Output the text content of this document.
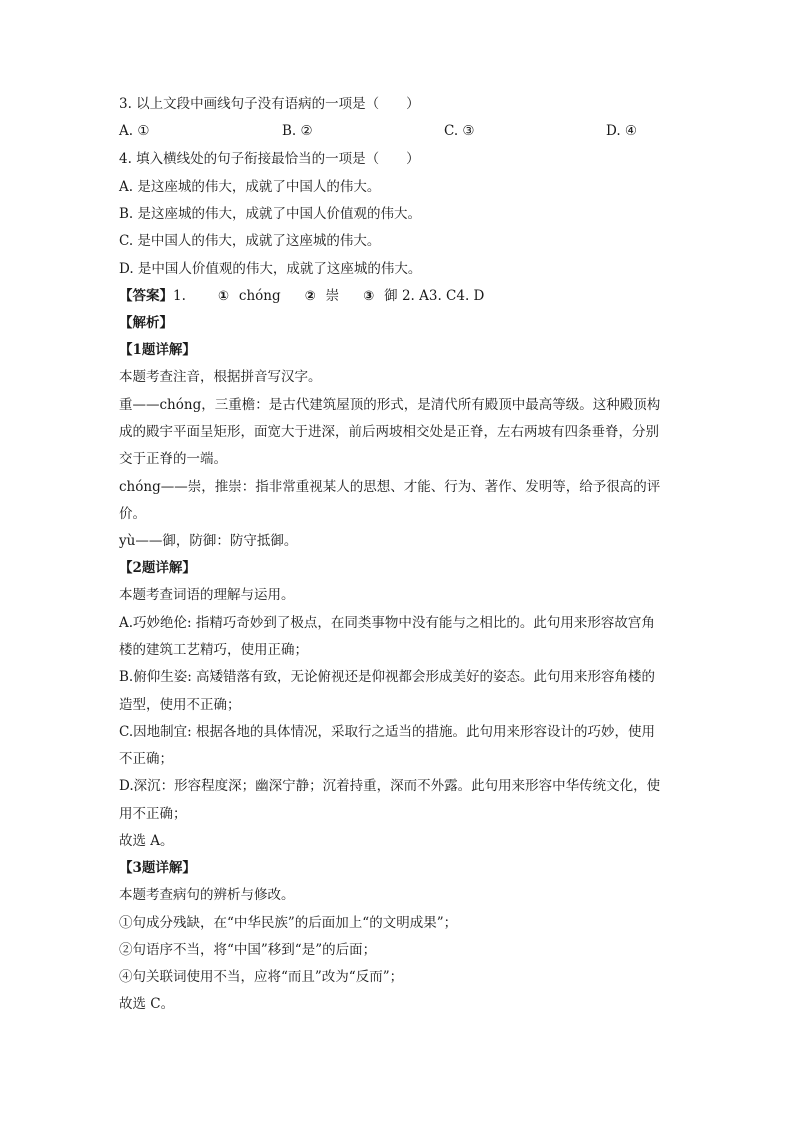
3. 以上文段中画线句子没有语病的一项是（　　）
A. ①	B. ②	C. ③	D. ④
4. 填入横线处的句子衔接最恰当的一项是（　　）
A. 是这座城的伟大，成就了中国人的伟大。
B. 是这座城的伟大，成就了中国人价值观的伟大。
C. 是中国人的伟大，成就了这座城的伟大。
D. 是中国人价值观的伟大，成就了这座城的伟大。
【答案】1. ① chóng ② 崇 ③ 御 2. A3. C4. D
【解析】
【1题详解】
本题考查注音，根据拼音写汉字。
重——chóng，三重檐：是古代建筑屋顶的形式，是清代所有殿顶中最高等级。这种殿顶构
成的殿宇平面呈矩形，面宽大于进深，前后两坡相交处是正脊，左右两坡有四条垂脊，分别
交于正脊的一端。
chóng——崇，推崇：指非常重视某人的思想、才能、行为、著作、发明等，给予很高的评
价。
yù——御，防御：防守抵御。
【2题详解】
本题考查词语的理解与运用。
A.巧妙绝伦: 指精巧奇妙到了极点，在同类事物中没有能与之相比的。此句用来形容故宫角
楼的建筑工艺精巧，使用正确；
B.俯仰生姿: 高矮错落有致，无论俯视还是仰视都会形成美好的姿态。此句用来形容角楼的
造型，使用不正确；
C.因地制宜: 根据各地的具体情况，采取行之适当的措施。此句用来形容设计的巧妙，使用
不正确；
D.深沉：形容程度深；幽深宁静；沉着持重，深而不外露。此句用来形容中华传统文化，使
用不正确；
故选 A。
【3题详解】
本题考查病句的辨析与修改。
①句成分残缺，在“中华民族”的后面加上“的文明成果”；
②句语序不当，将“中国”移到“是”的后面；
④句关联词使用不当，应将“而且”改为“反而”；
故选 C。
